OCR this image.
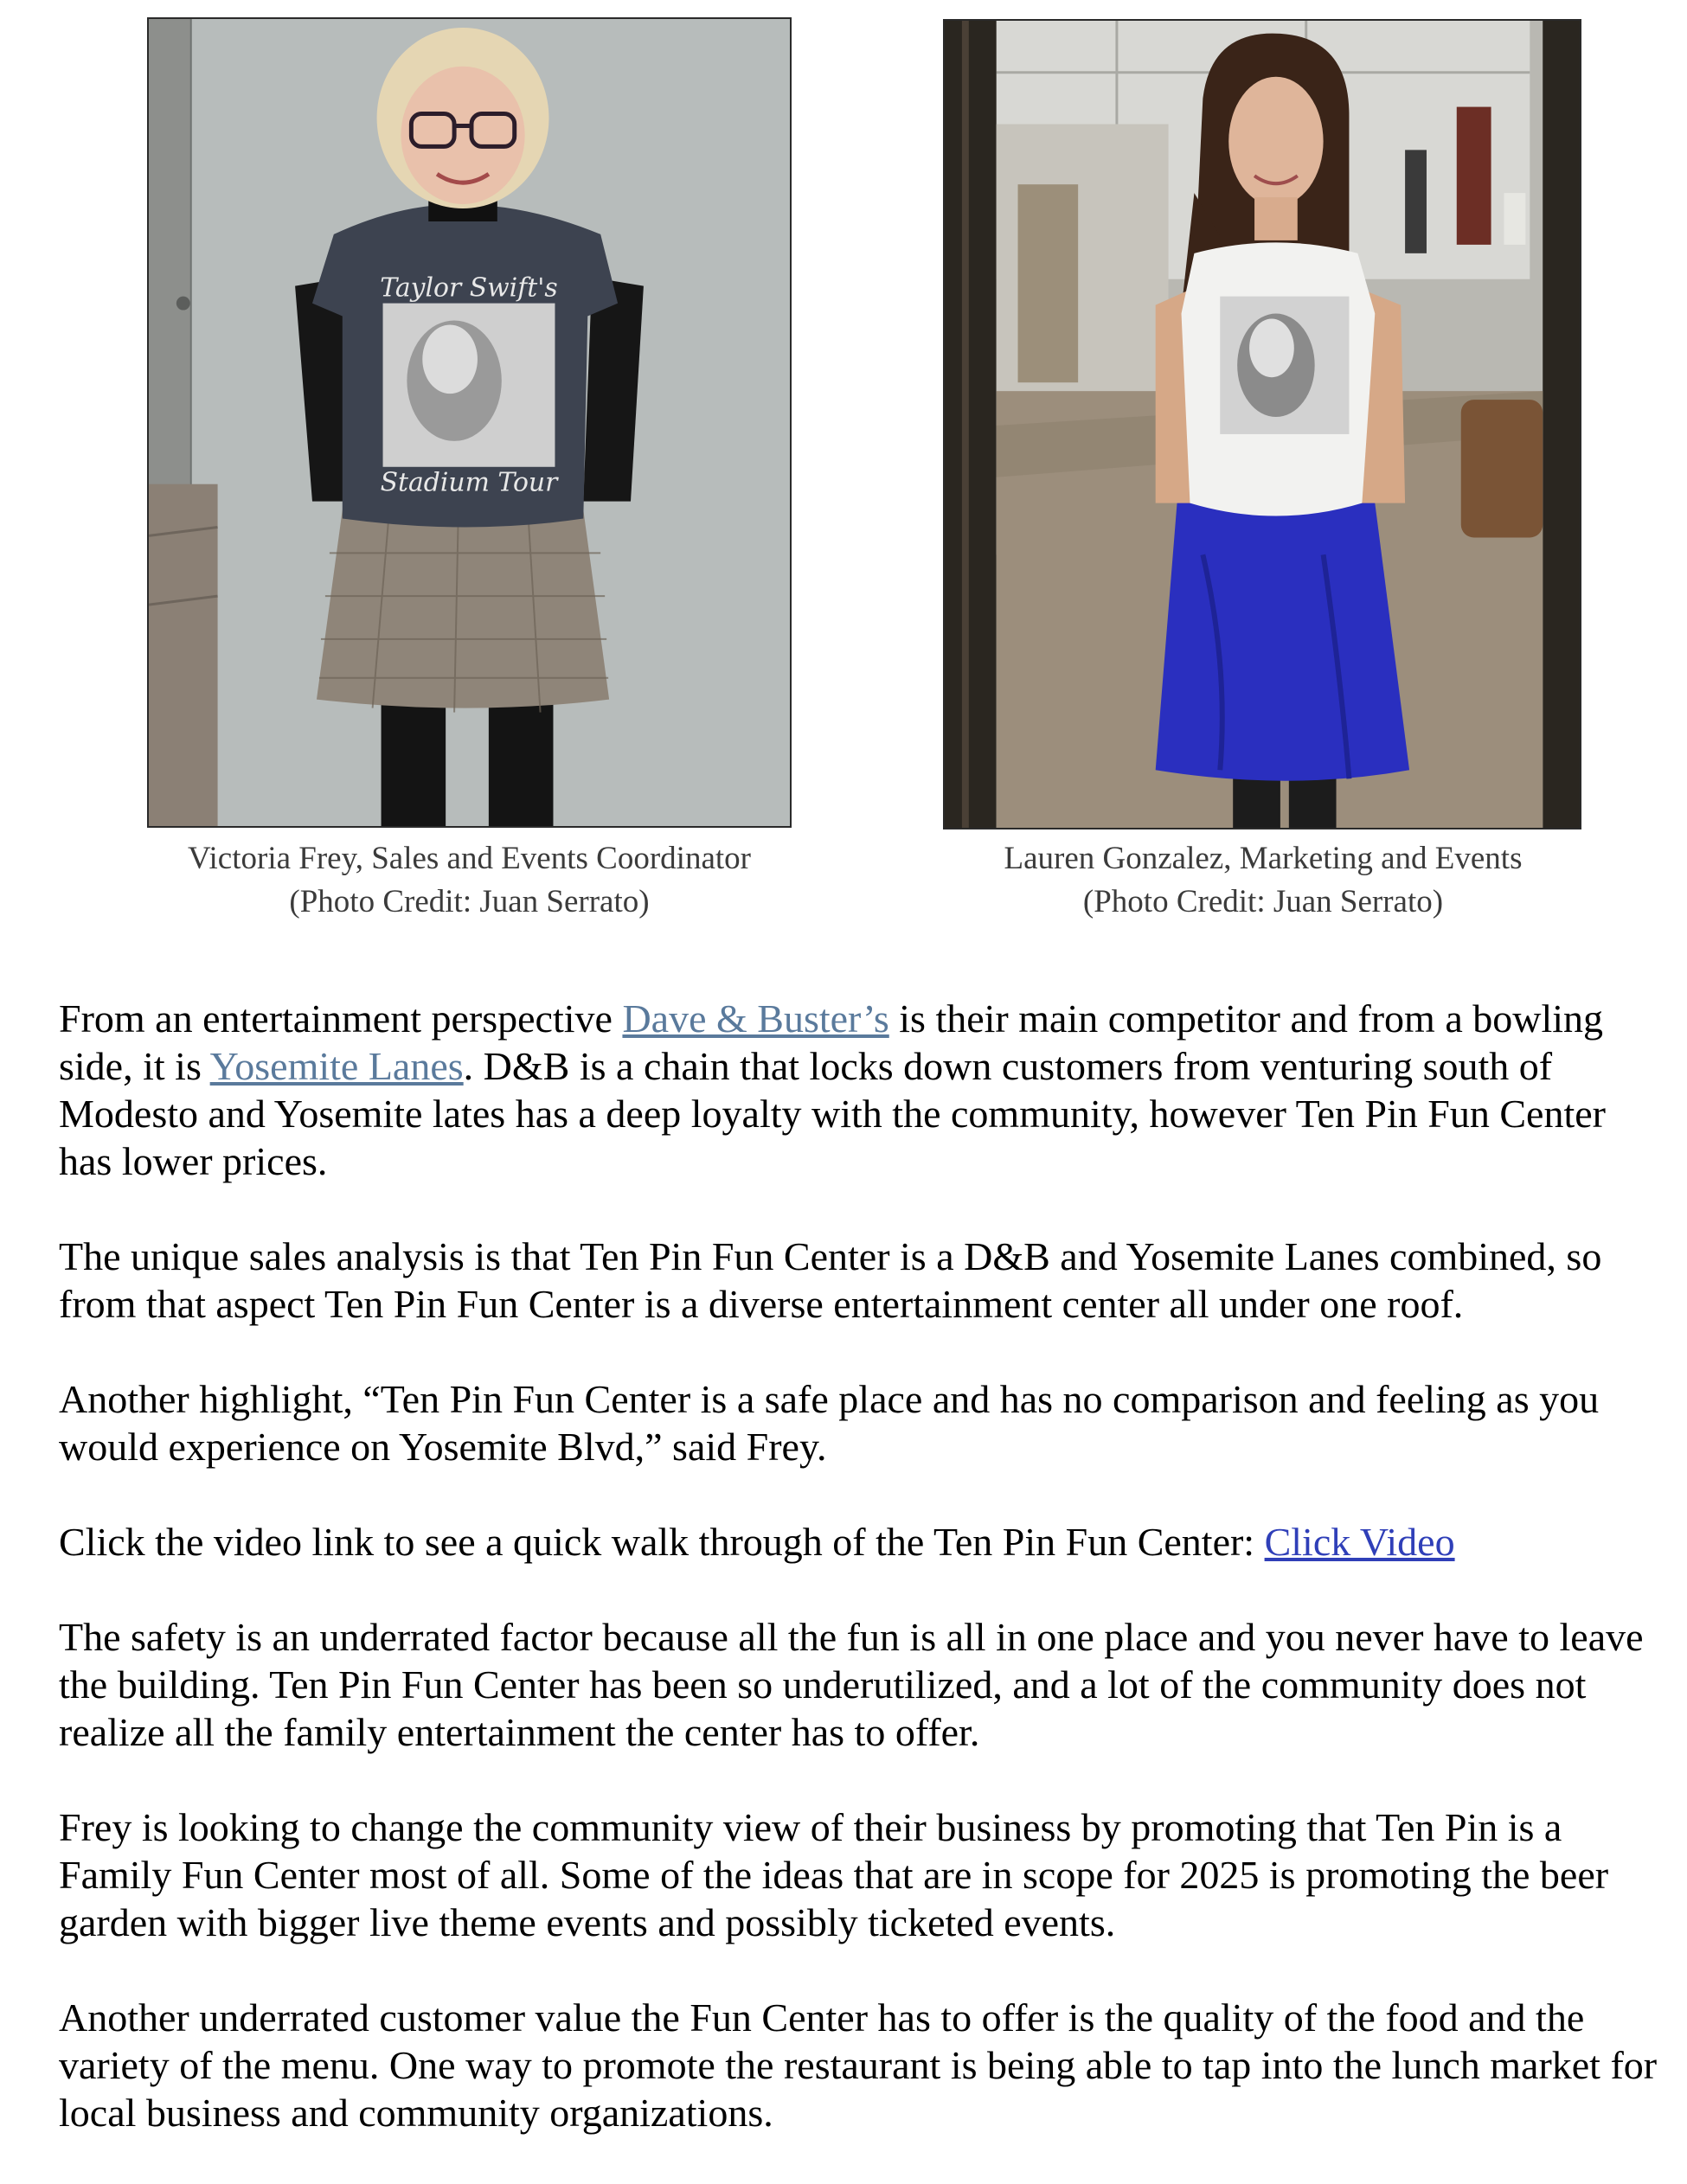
Taylor Swift's
Stadium Tour
Victoria Frey, Sales and Events Coordinator
(Photo Credit: Juan Serrato)
Lauren Gonzalez, Marketing and Events
(Photo Credit: Juan Serrato)

From an entertainment perspective Dave & Buster’s is their main competitor and from a bowling side, it is Yosemite Lanes. D&B is a chain that locks down customers from venturing south of Modesto and Yosemite lates has a deep loyalty with the community, however Ten Pin Fun Center has lower prices.

The unique sales analysis is that Ten Pin Fun Center is a D&B and Yosemite Lanes combined, so from that aspect Ten Pin Fun Center is a diverse entertainment center all under one roof.

Another highlight, “Ten Pin Fun Center is a safe place and has no comparison and feeling as you would experience on Yosemite Blvd,” said Frey.

Click the video link to see a quick walk through of the Ten Pin Fun Center: Click Video

The safety is an underrated factor because all the fun is all in one place and you never have to leave the building. Ten Pin Fun Center has been so underutilized, and a lot of the community does not realize all the family entertainment the center has to offer.

Frey is looking to change the community view of their business by promoting that Ten Pin is a Family Fun Center most of all. Some of the ideas that are in scope for 2025 is promoting the beer garden with bigger live theme events and possibly ticketed events.

Another underrated customer value the Fun Center has to offer is the quality of the food and the variety of the menu. One way to promote the restaurant is being able to tap into the lunch market for local business and community organizations.
